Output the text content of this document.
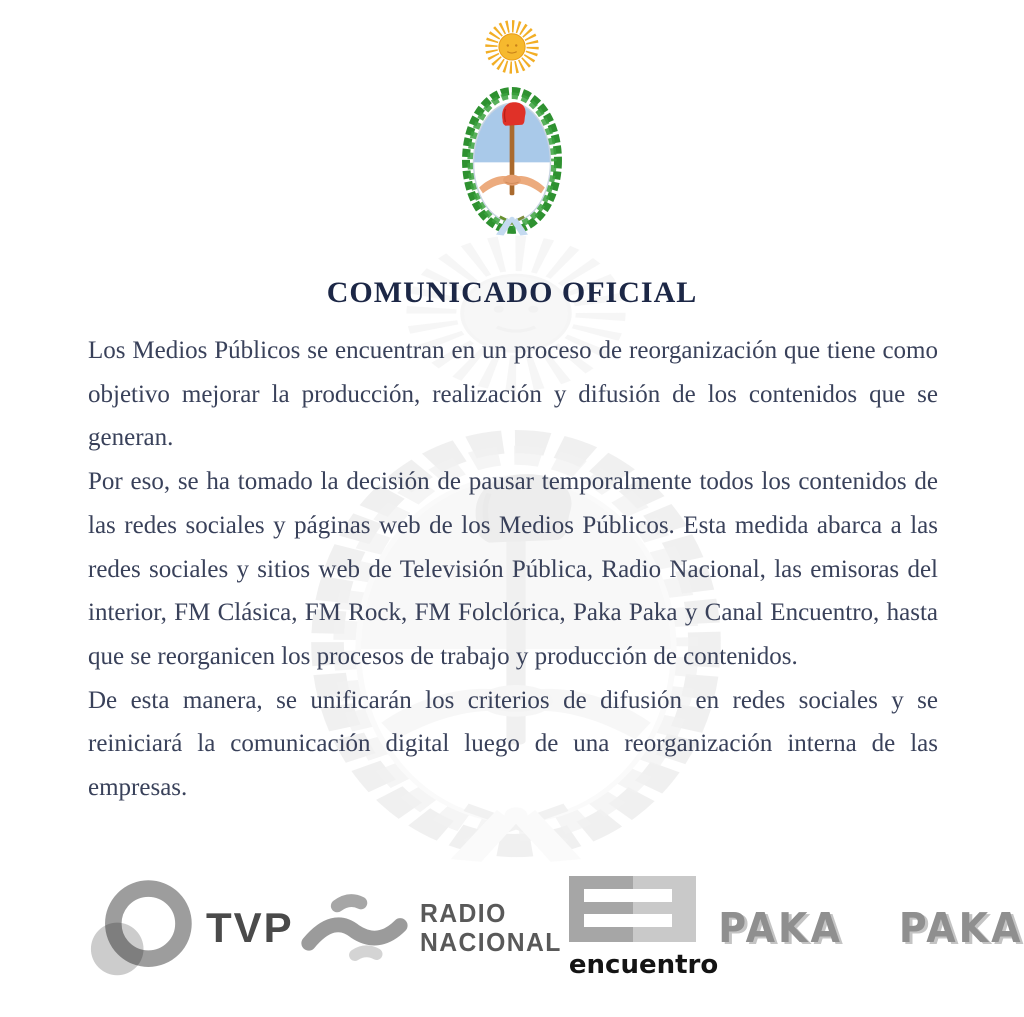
COMUNICADO OFICIAL

Los Medios Públicos se encuentran en un proceso de reorganización que tiene como objetivo mejorar la producción, realización y difusión de los contenidos que se generan.

Por eso, se ha tomado la decisión de pausar temporalmente todos los contenidos de las redes sociales y páginas web de los Medios Públicos. Esta medida abarca a las redes sociales y sitios web de Televisión Pública, Radio Nacional, las emisoras del interior, FM Clásica, FM Rock, FM Folclórica, Paka Paka y Canal Encuentro, hasta que se reorganicen los procesos de trabajo y producción de contenidos.

De esta manera, se unificarán los criterios de difusión en redes sociales y se reiniciará la comunicación digital luego de una reorganización interna de las empresas.

TVP	RADIO
NACIONAL
encuentro
PAKA PAKA
